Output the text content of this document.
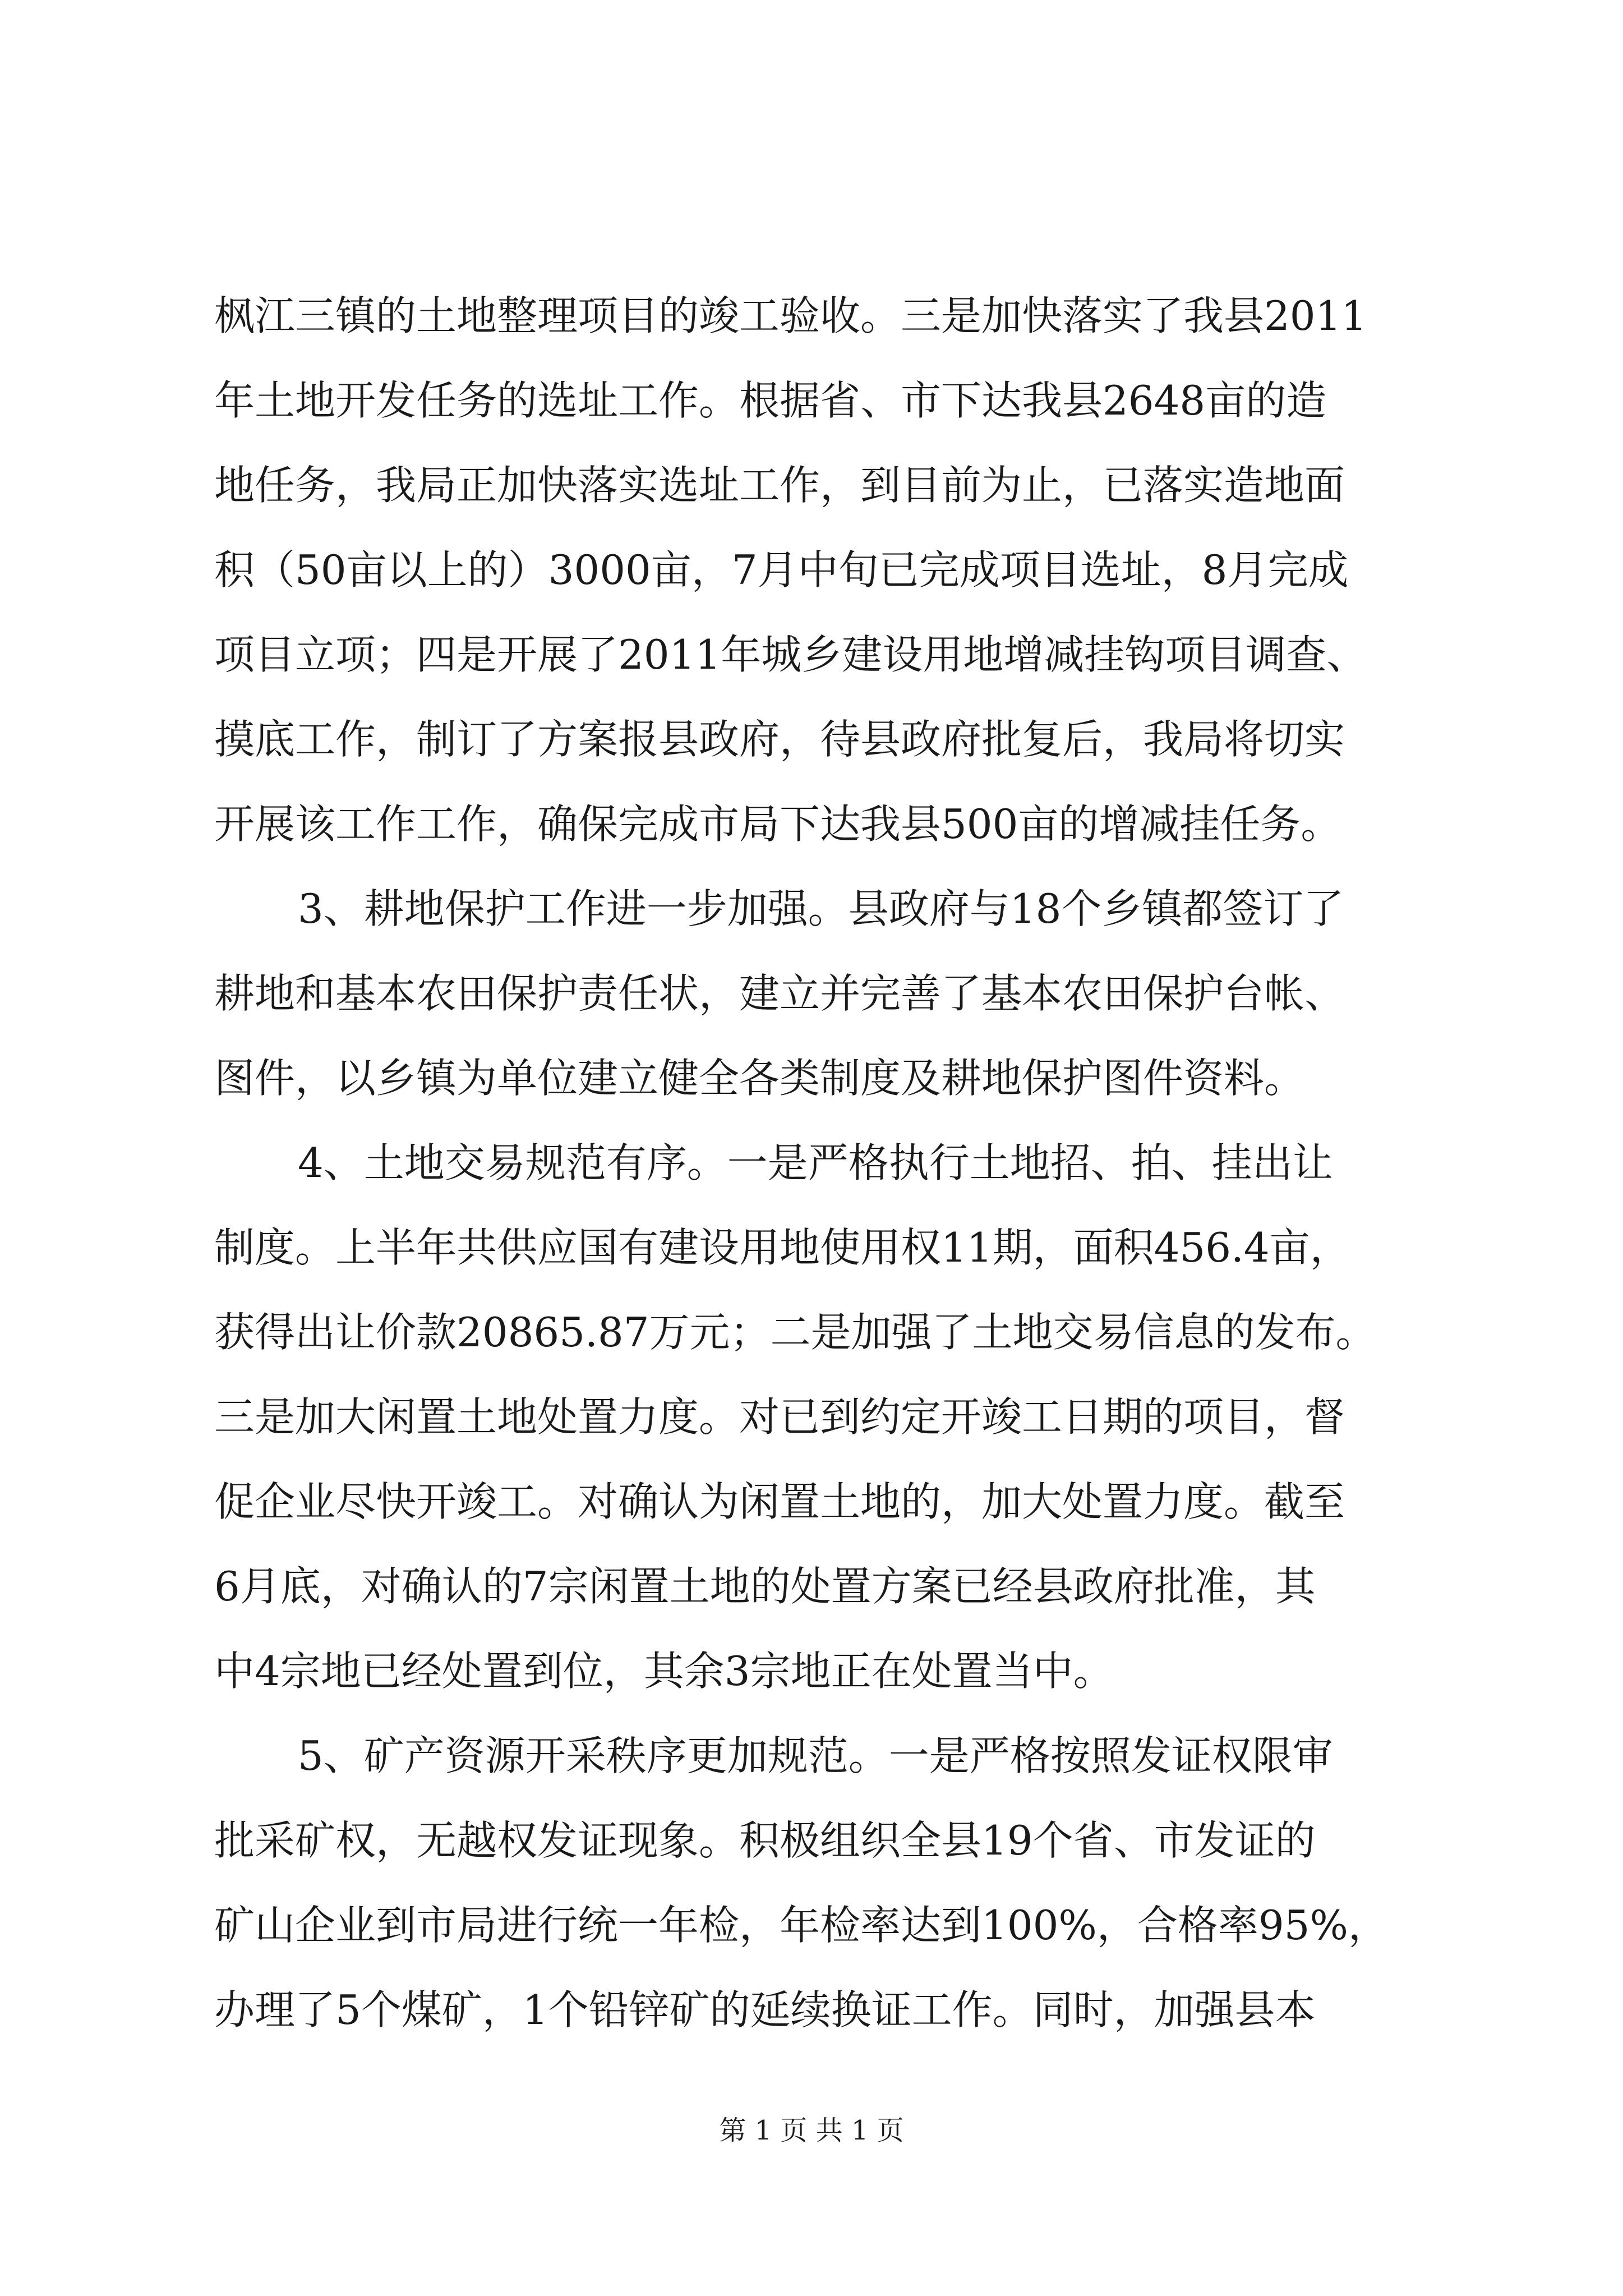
枫江三镇的土地整理项目的竣工验收。三是加快落实了我县2011
年土地开发任务的选址工作。根据省、市下达我县2648亩的造
地任务，我局正加快落实选址工作，到目前为止，已落实造地面
积（50亩以上的）3000亩，7月中旬已完成项目选址，8月完成
项目立项；四是开展了2011年城乡建设用地增减挂钩项目调查、
摸底工作，制订了方案报县政府，待县政府批复后，我局将切实
开展该工作工作，确保完成市局下达我县500亩的增减挂任务。
3、耕地保护工作进一步加强。县政府与18个乡镇都签订了
耕地和基本农田保护责任状，建立并完善了基本农田保护台帐、
图件，以乡镇为单位建立健全各类制度及耕地保护图件资料。
4、土地交易规范有序。一是严格执行土地招、拍、挂出让
制度。上半年共供应国有建设用地使用权11期，面积456.4亩，
获得出让价款20865.87万元；二是加强了土地交易信息的发布。
三是加大闲置土地处置力度。对已到约定开竣工日期的项目，督
促企业尽快开竣工。对确认为闲置土地的，加大处置力度。截至
6月底，对确认的7宗闲置土地的处置方案已经县政府批准，其
中4宗地已经处置到位，其余3宗地正在处置当中。
5、矿产资源开采秩序更加规范。一是严格按照发证权限审
批采矿权，无越权发证现象。积极组织全县19个省、市发证的
矿山企业到市局进行统一年检，年检率达到100%，合格率95%，
办理了5个煤矿，1个铅锌矿的延续换证工作。同时，加强县本
第 1 页 共 1 页
